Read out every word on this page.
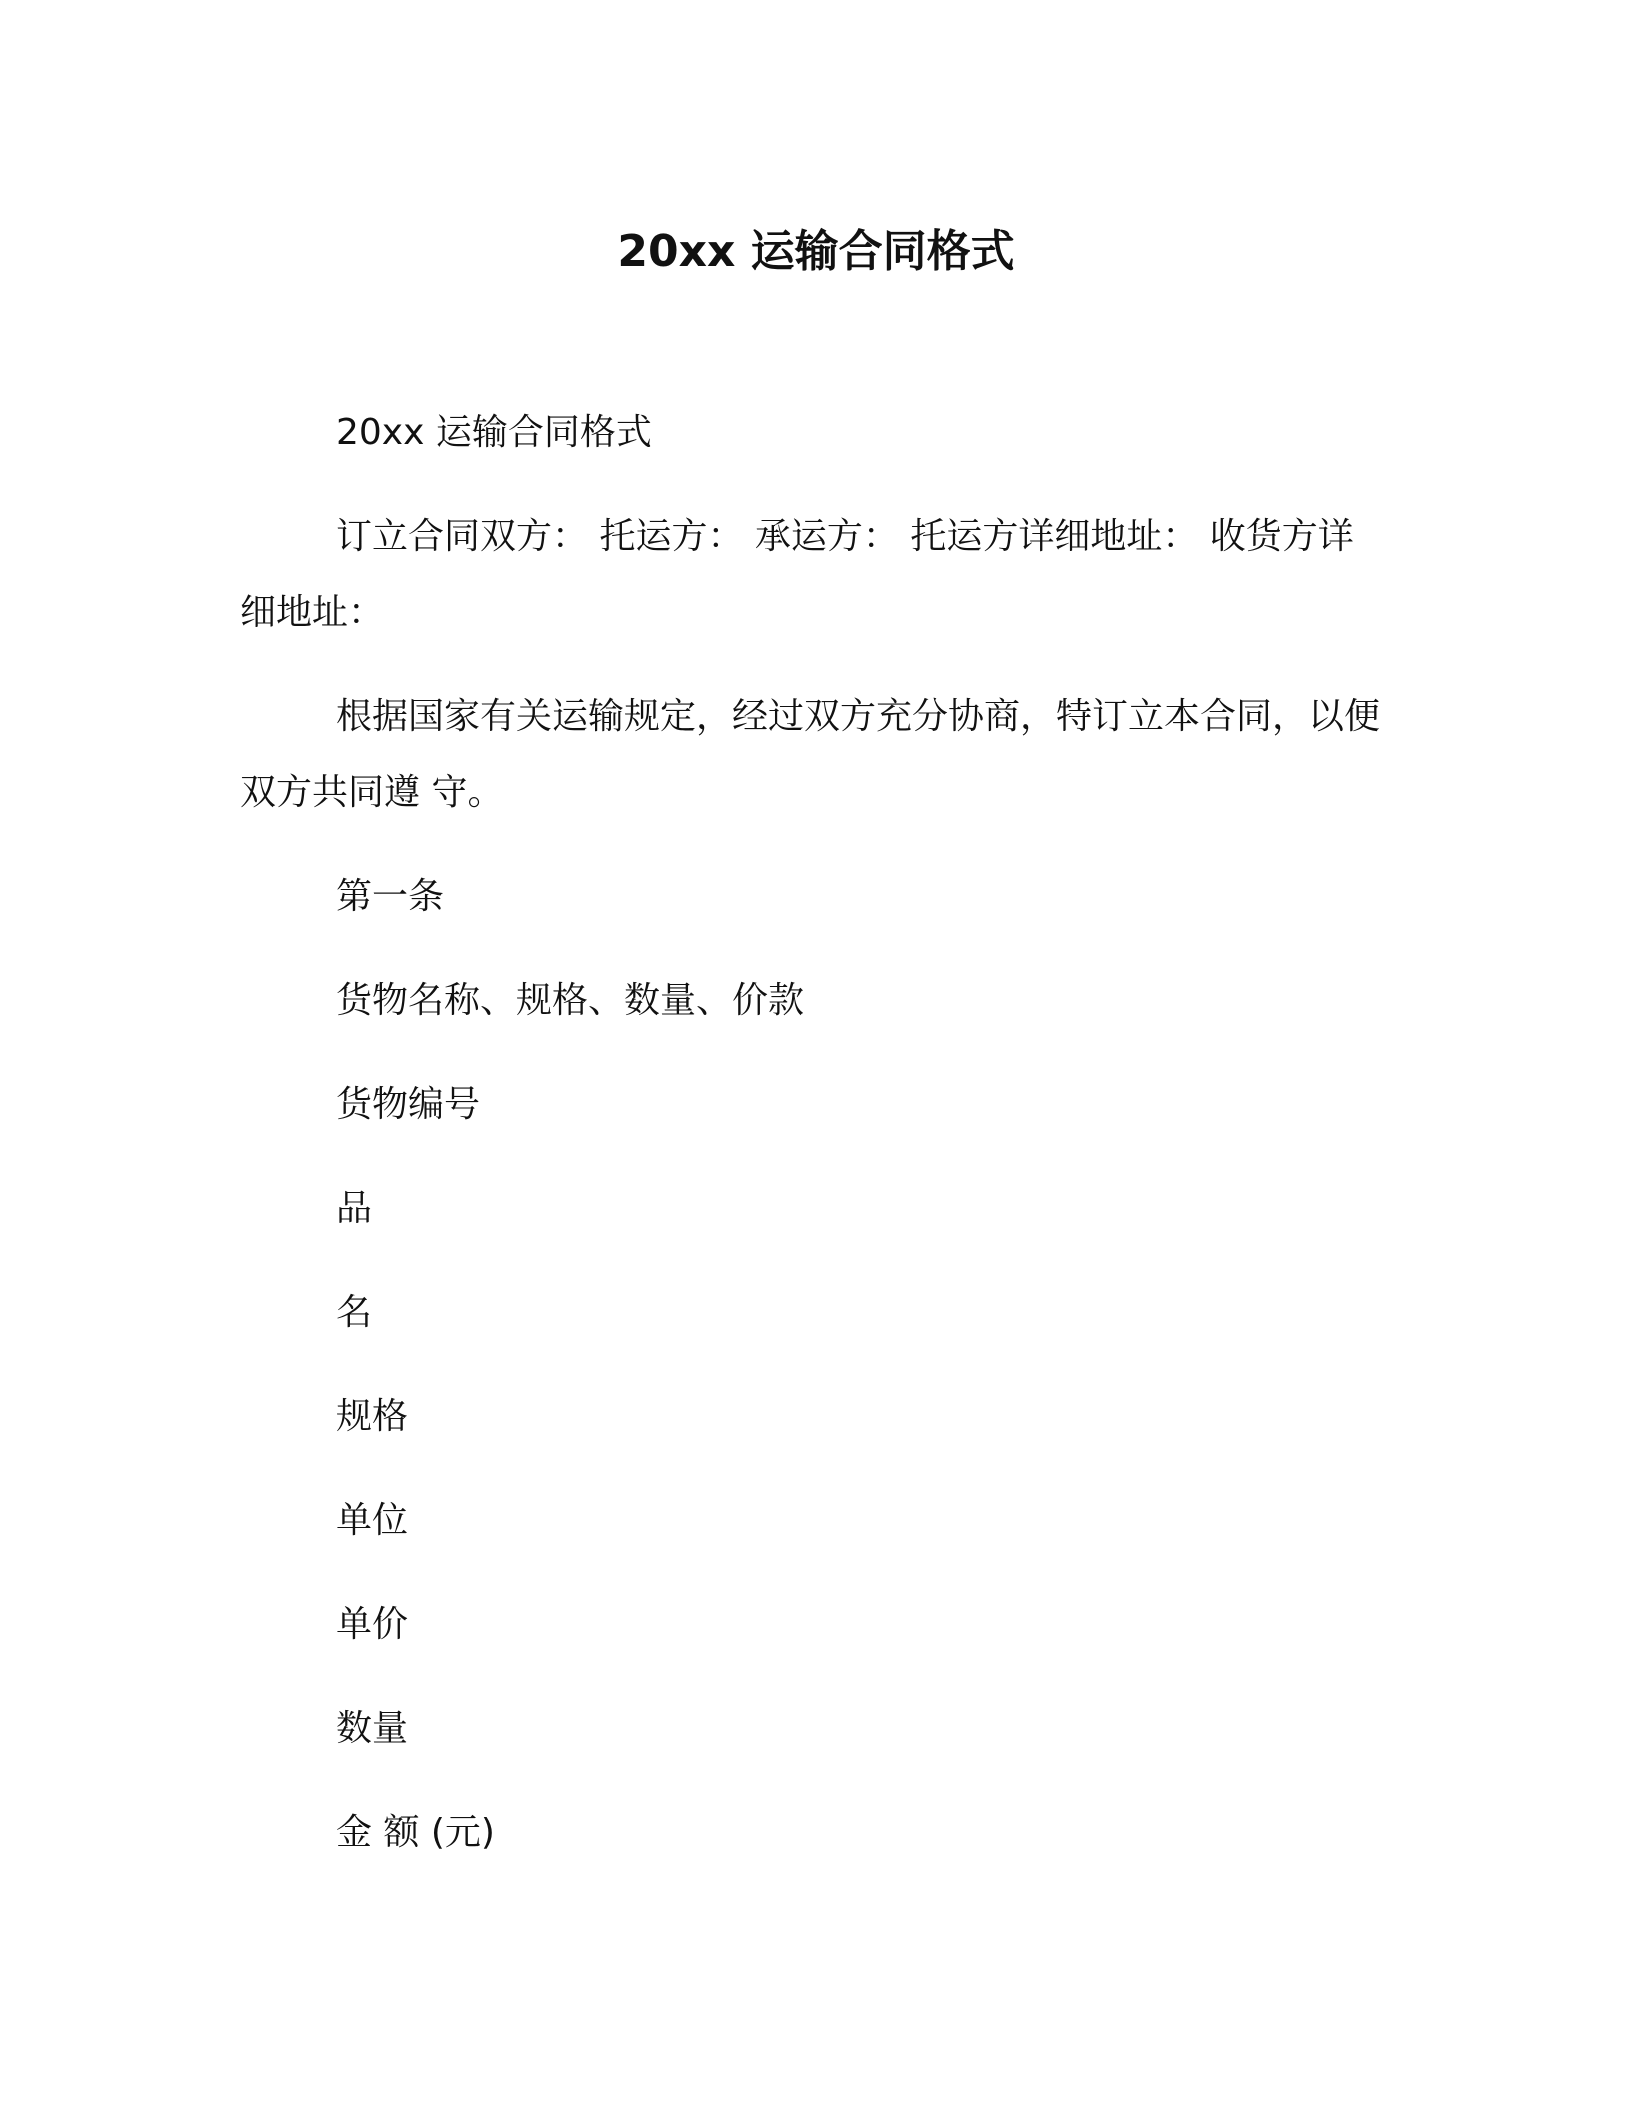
20xx 运输合同格式

20xx 运输合同格式

订立合同双方： 托运方： 承运方： 托运方详细地址： 收货方详细地址：

根据国家有关运输规定，经过双方充分协商，特订立本合同，以便双方共同遵 守。

第一条

货物名称、规格、数量、价款

货物编号

品

名

规格

单位

单价

数量

金 额 (元)
